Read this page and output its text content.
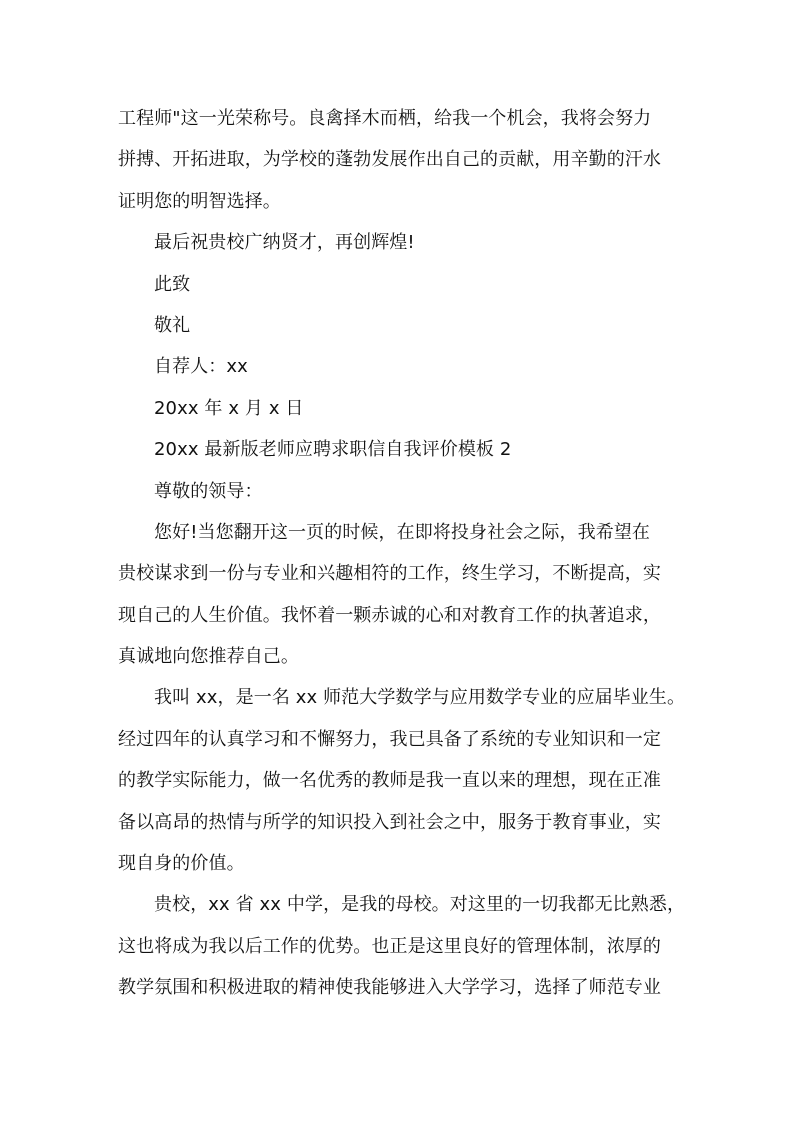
工程师"这一光荣称号。良禽择木而栖，给我一个机会，我将会努力
拼搏、开拓进取，为学校的蓬勃发展作出自己的贡献，用辛勤的汗水
证明您的明智选择。
最后祝贵校广纳贤才，再创辉煌!
此致
敬礼
自荐人：xx
20xx 年 x 月 x 日
20xx 最新版老师应聘求职信自我评价模板 2
尊敬的领导：
您好!当您翻开这一页的时候，在即将投身社会之际，我希望在
贵校谋求到一份与专业和兴趣相符的工作，终生学习，不断提高，实
现自己的人生价值。我怀着一颗赤诚的心和对教育工作的执著追求，
真诚地向您推荐自己。
我叫 xx，是一名 xx 师范大学数学与应用数学专业的应届毕业生。
经过四年的认真学习和不懈努力，我已具备了系统的专业知识和一定
的教学实际能力，做一名优秀的教师是我一直以来的理想，现在正准
备以高昂的热情与所学的知识投入到社会之中，服务于教育事业，实
现自身的价值。
贵校，xx 省 xx 中学，是我的母校。对这里的一切我都无比熟悉，
这也将成为我以后工作的优势。也正是这里良好的管理体制，浓厚的
教学氛围和积极进取的精神使我能够进入大学学习，选择了师范专业
